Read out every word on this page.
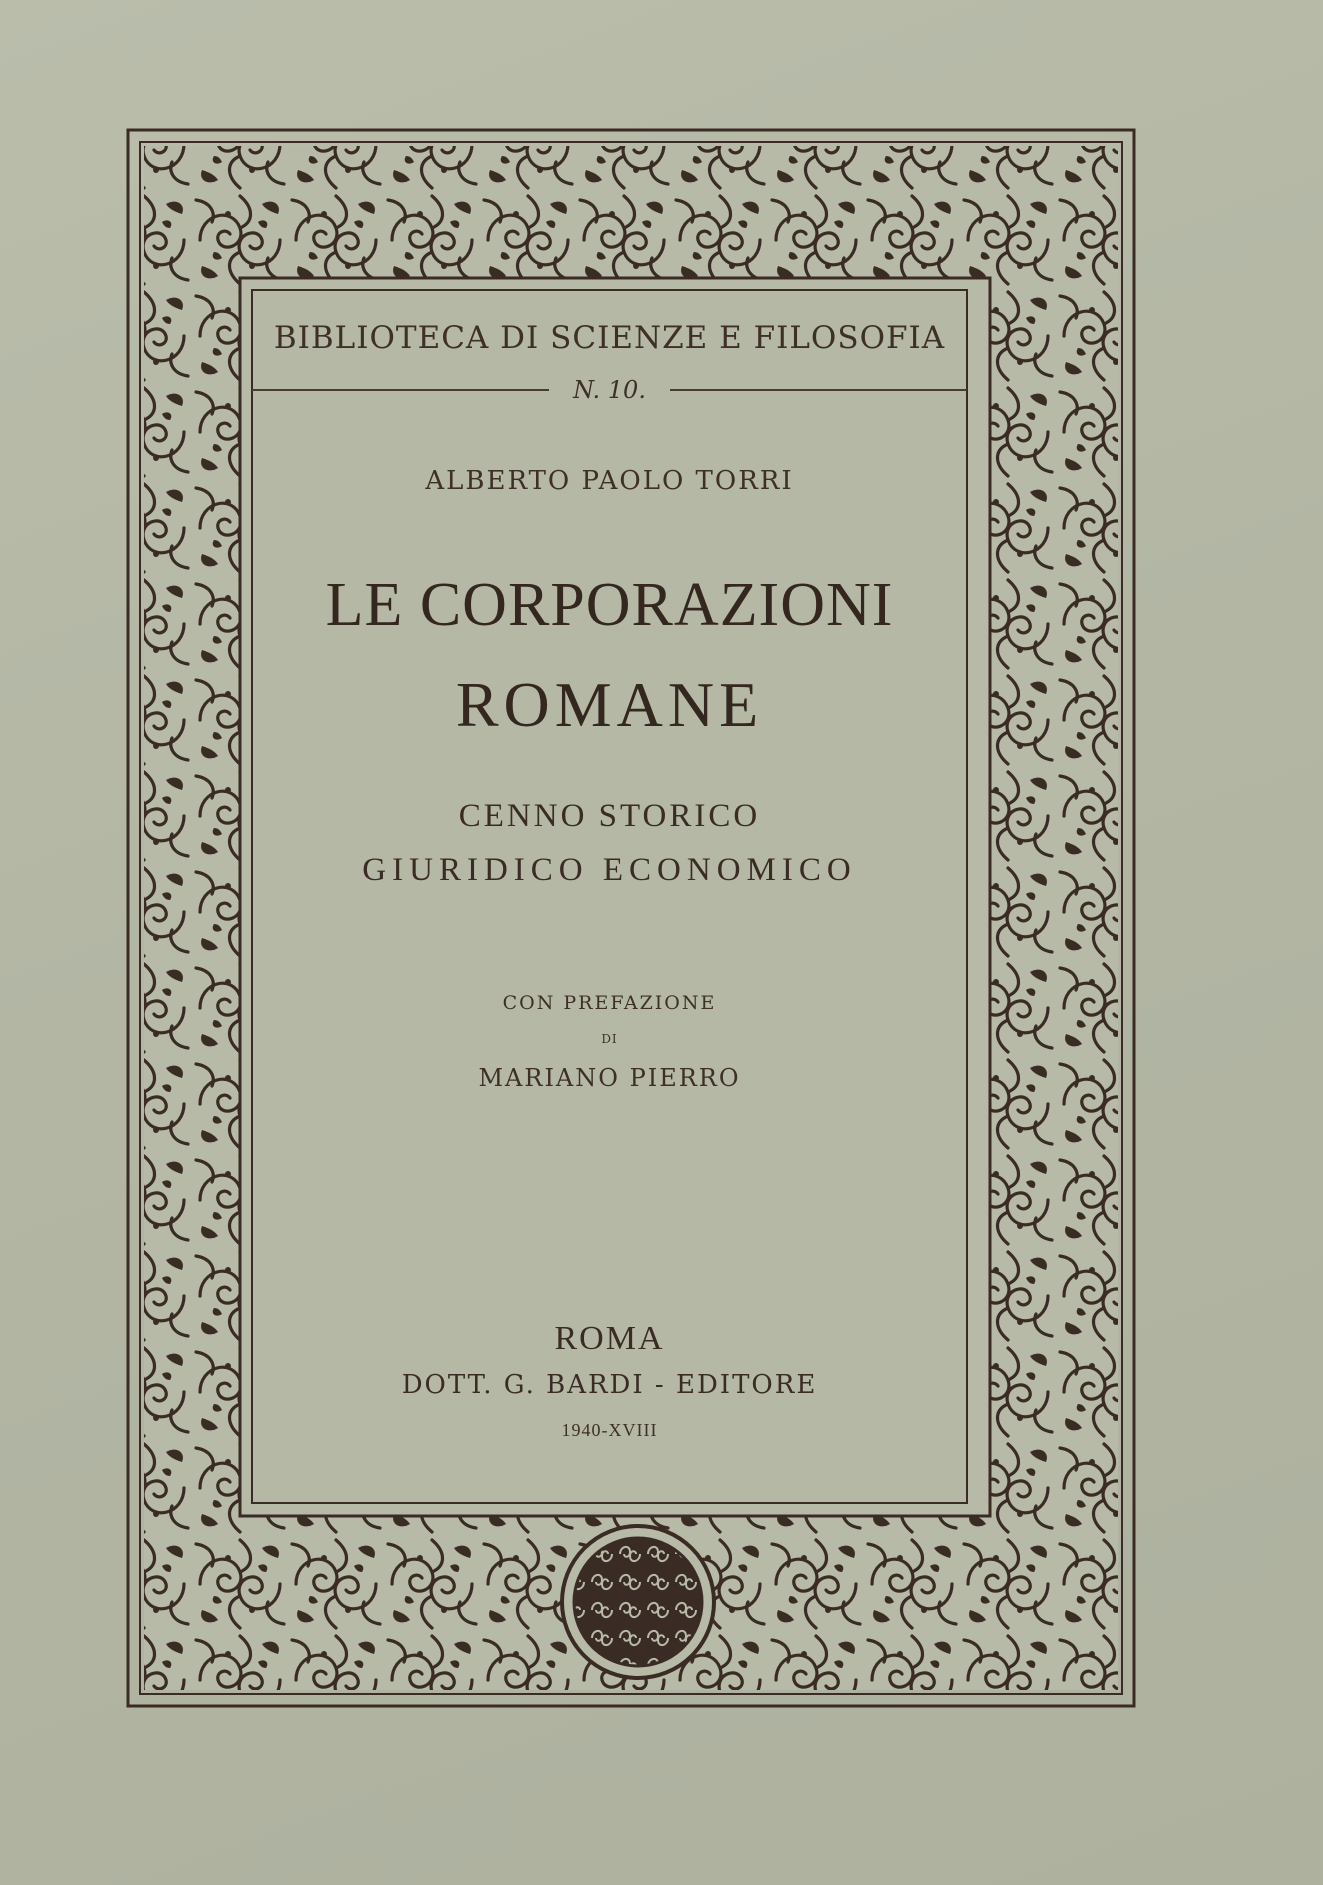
BIBLIOTECA DI SCIENZE E FILOSOFIA
N. 10.
ALBERTO PAOLO TORRI
LE CORPORAZIONI
ROMANE
CENNO STORICO
GIURIDICO ECONOMICO
CON PREFAZIONE
DI
MARIANO PIERRO
ROMA
DOTT. G. BARDI - EDITORE
1940-XVIII
